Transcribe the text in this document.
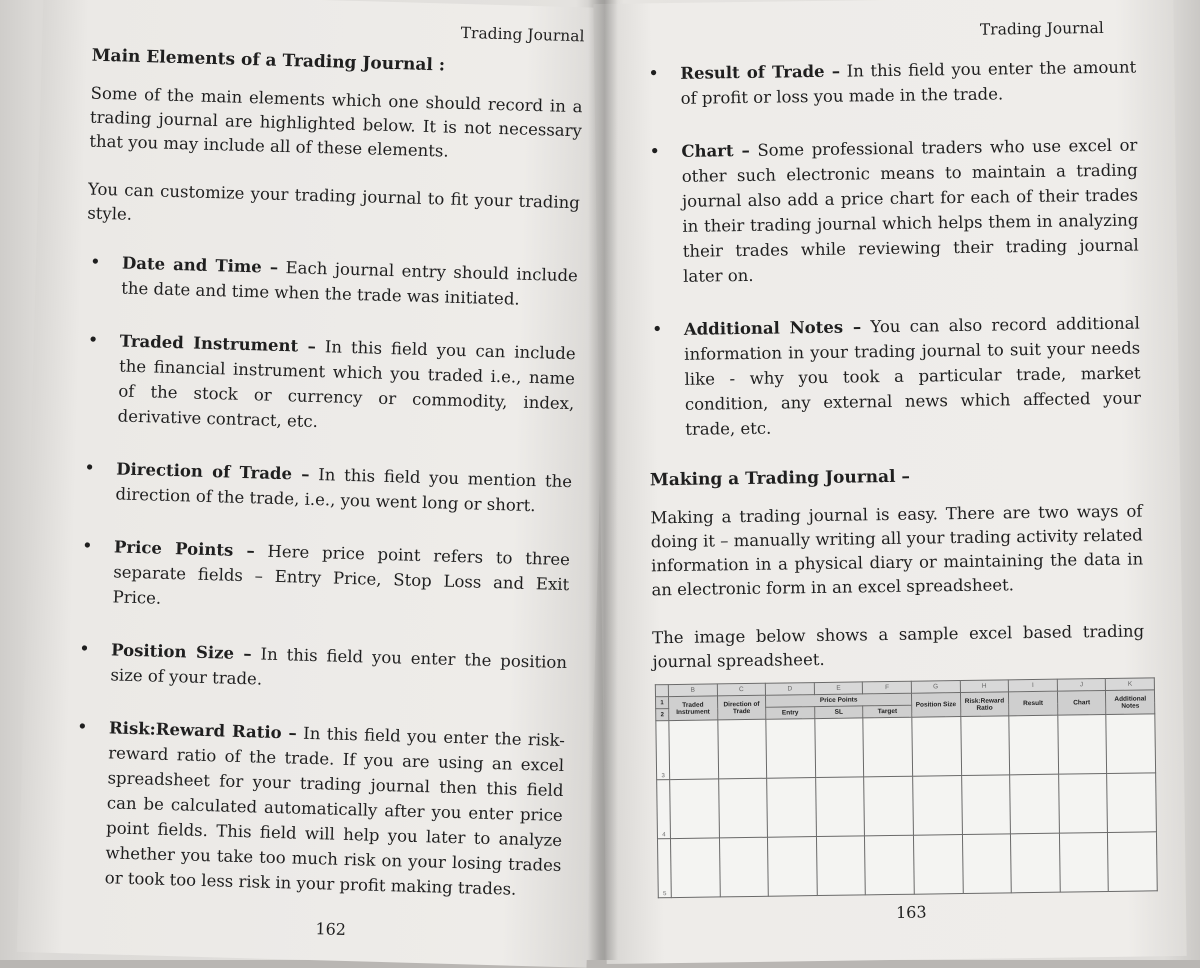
Trading Journal
Main Elements of a Trading Journal :

Some of the main elements which one should record in a trading journal are highlighted below. It is not necessary that you may include all of these elements.

You can customize your trading journal to fit your trading style.

• Date and Time – Each journal entry should include the date and time when the trade was initiated.
• Traded Instrument – In this field you can include the financial instrument which you traded i.e., name of the stock or currency or commodity, index, derivative contract, etc.
• Direction of Trade – In this field you mention the direction of the trade, i.e., you went long or short.
• Price Points – Here price point refers to three separate fields – Entry Price, Stop Loss and Exit Price.
• Position Size – In this field you enter the position size of your trade.
• Risk:Reward Ratio – In this field you enter the risk-reward ratio of the trade. If you are using an excel spreadsheet for your trading journal then this field can be calculated automatically after you enter price point fields. This field will help you later to analyze whether you take too much risk on your losing trades or took too less risk in your profit making trades.
162
Trading Journal
• Result of Trade – In this field you enter the amount of profit or loss you made in the trade.
• Chart – Some professional traders who use excel or other such electronic means to maintain a trading journal also add a price chart for each of their trades in their trading journal which helps them in analyzing their trades while reviewing their trading journal later on.
• Additional Notes – You can also record additional information in your trading journal to suit your needs like - why you took a particular trade, market condition, any external news which affected your trade, etc.
Making a Trading Journal –

Making a trading journal is easy. There are two ways of doing it – manually writing all your trading activity related information in a physical diary or maintaining the data in an electronic form in an excel spreadsheet.

The image below shows a sample excel based trading journal spreadsheet.

	B	C	D	E	F	G	H	I	J	K
1	Traded Instrument	Direction of Trade	Price Points			Position Size	Risk:Reward Ratio	Result	Chart	Additional Notes
2			Entry	SL	Target					
3										
4										
5										
163
